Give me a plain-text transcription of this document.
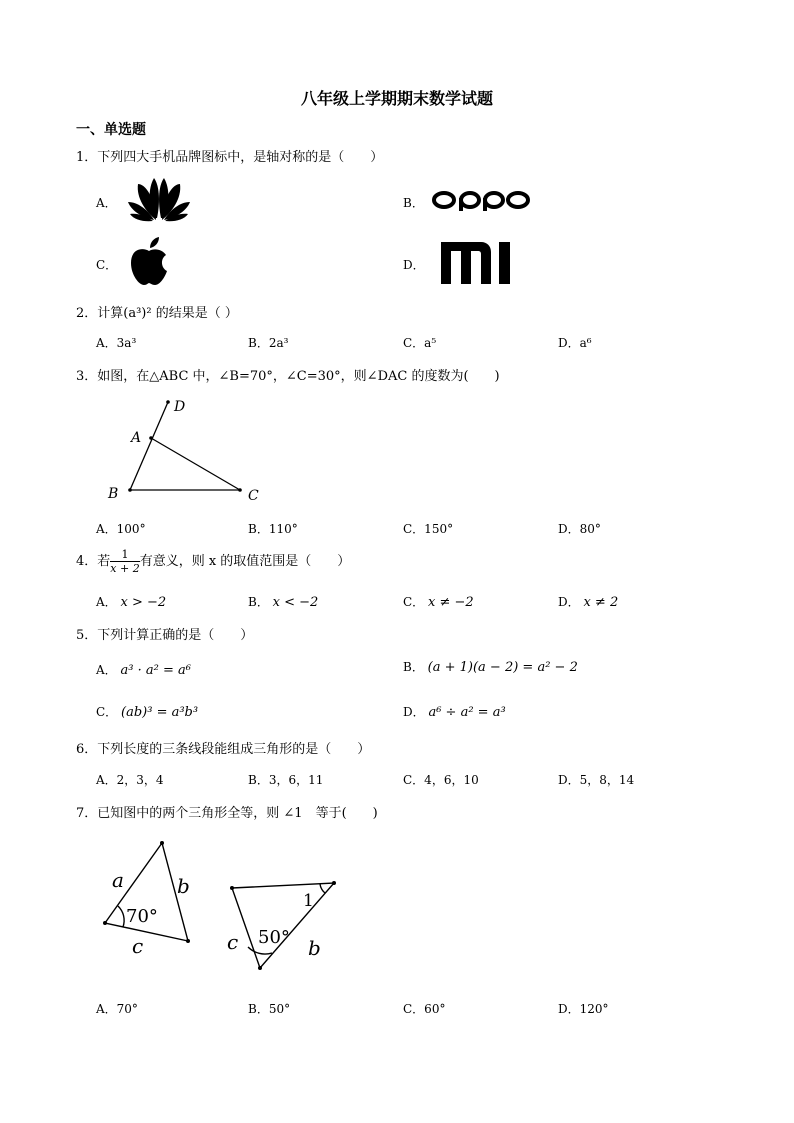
八年级上学期期末数学试题
一、单选题
1．下列四大手机品牌图标中，是轴对称的是（　　）
A．	B．
C．	D．
2．计算(a³)² 的结果是（ ）
A．3a³	B．2a³	C．a⁵	D．a⁶
3．如图，在△ABC 中，∠B=70°，∠C=30°，则∠DAC 的度数为(　　)
D
A
B	C
A．100°	B．110°	C．150°	D．80°
4．若 $\frac{1}{x + 2}$ 有意义，则 x 的取值范围是（　　）
A． x > −2	B． x < −2	C． x ≠ −2	D． x ≠ 2
5．下列计算正确的是（　　）
A． a³ · a² = a⁶	B． (a + 1)(a − 2) = a² − 2
C． (ab)³ = a³b³	D． a⁶ ÷ a² = a³
6．下列长度的三条线段能组成三角形的是（　　）
A．2，3，4	B．3，6，11	C．4，6，10	D．5，8，14
7．已知图中的两个三角形全等，则 ∠1　等于(　　)
a	b
c
70°
c 50° b
1
A．70°	B．50°	C．60°	D．120°
